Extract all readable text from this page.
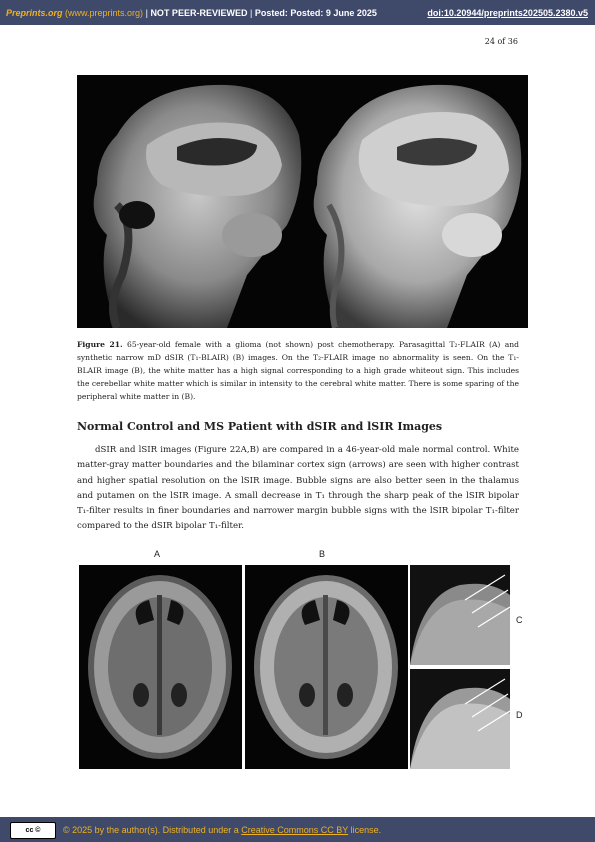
Preprints.org (www.preprints.org) | NOT PEER-REVIEWED | Posted: Posted: 9 June 2025	doi:10.20944/preprints202505.2380.v5
24 of 36
Figure 21. 65-year-old female with a glioma (not shown) post chemotherapy. Parasagittal T₂-FLAIR (A) and synthetic narrow mD dSIR (T₁-BLAIR) (B) images. On the T₂-FLAIR image no abnormality is seen. On the T₁-BLAIR image (B), the white matter has a high signal corresponding to a high grade whiteout sign. This includes the cerebellar white matter which is similar in intensity to the cerebral white matter. There is some sparing of the peripheral white matter in (B).
Normal Control and MS Patient with dSIR and lSIR Images
dSIR and lSIR images (Figure 22A,B) are compared in a 46-year-old male normal control. White matter-gray matter boundaries and the bilaminar cortex sign (arrows) are seen with higher contrast and higher spatial resolution on the lSIR image. Bubble signs are also better seen in the thalamus and putamen on the lSIR image. A small decrease in T₁ through the sharp peak of the lSIR bipolar T₁-filter results in finer boundaries and narrower margin bubble signs with the lSIR bipolar T₁-filter compared to the dSIR bipolar T₁-filter.
A	B
C
D
cc ©	© 2025 by the author(s). Distributed under a Creative Commons CC BY license.
